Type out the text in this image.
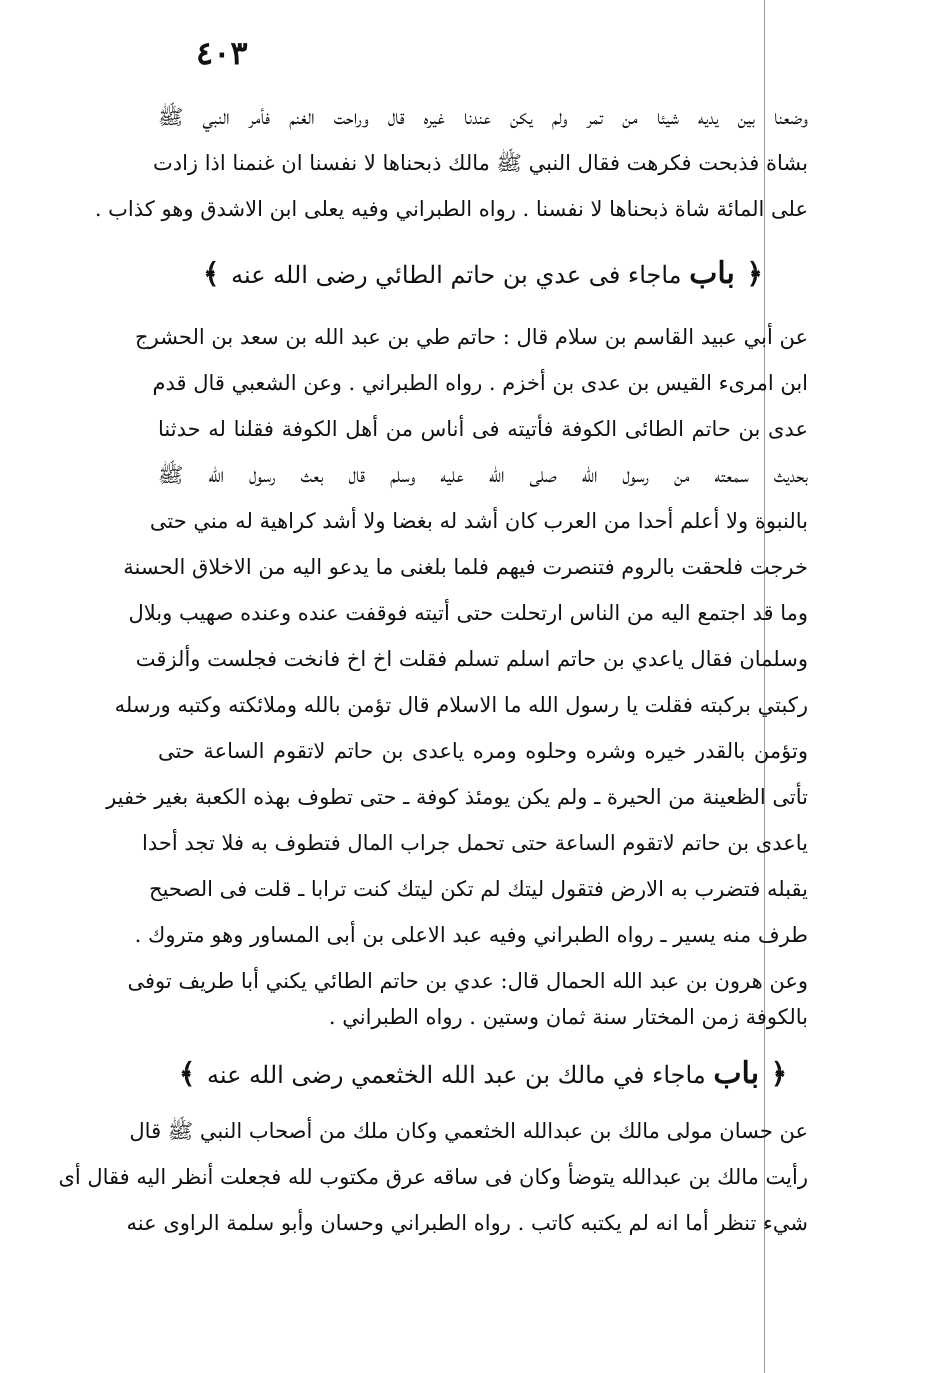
٤٠٣
وضعنا بين يديه شيئا من تمر ولم يكن عندنا غيره قال وراحت الغنم فأمر النبي ﷺ
بشاة فذبحت فكرهت فقال النبي ﷺ مالك ذبحناها لا نفسنا ان غنمنا اذا زادت
على المائة شاة ذبحناها لا نفسنا . رواه الطبراني وفيه يعلى ابن الاشدق وهو كذاب .
﴿ باب ماجاء فى عدي بن حاتم الطائي رضى الله عنه ﴾
عن أبي عبيد القاسم بن سلام قال : حاتم طي بن عبد الله بن سعد بن الحشرج
ابن امرىء القيس بن عدى بن أخزم . رواه الطبراني . وعن الشعبي قال قدم
عدى بن حاتم الطائى الكوفة فأتيته فى أناس من أهل الكوفة فقلنا له حدثنا
بحديث سمعته من رسول الله صلى الله عليه وسلم قال بعث رسول الله ﷺ
بالنبوة ولا أعلم أحدا من العرب كان أشد له بغضا ولا أشد كراهية له مني حتى
خرجت فلحقت بالروم فتنصرت فيهم فلما بلغنى ما يدعو اليه من الاخلاق الحسنة
وما قد اجتمع اليه من الناس ارتحلت حتى أتيته فوقفت عنده وعنده صهيب وبلال
وسلمان فقال ياعدي بن حاتم اسلم تسلم فقلت اخ اخ فانخت فجلست وألزقت
ركبتي بركبته فقلت يا رسول الله ما الاسلام قال تؤمن بالله وملائكته وكتبه ورسله
وتؤمن بالقدر خيره وشره وحلوه ومره ياعدى بن حاتم لاتقوم الساعة حتى
تأتى الظعينة من الحيرة ـ ولم يكن يومئذ كوفة ـ حتى تطوف بهذه الكعبة بغير خفير
ياعدى بن حاتم لاتقوم الساعة حتى تحمل جراب المال فتطوف به فلا تجد أحدا
يقبله فتضرب به الارض فتقول ليتك لم تكن ليتك كنت ترابا ـ قلت فى الصحيح
طرف منه يسير ـ رواه الطبراني وفيه عبد الاعلى بن أبى المساور وهو متروك .
وعن هرون بن عبد الله الحمال قال: عدي بن حاتم الطائي يكني أبا طريف توفى
بالكوفة زمن المختار سنة ثمان وستين . رواه الطبراني .
﴿ باب ماجاء في مالك بن عبد الله الخثعمي رضى الله عنه ﴾
عن حسان مولى مالك بن عبدالله الخثعمي وكان ملك من أصحاب النبي ﷺ قال
رأيت مالك بن عبدالله يتوضأ وكان فى ساقه عرق مكتوب لله فجعلت أنظر اليه فقال أى
شيء تنظر أما انه لم يكتبه كاتب . رواه الطبراني وحسان وأبو سلمة الراوى عنه
